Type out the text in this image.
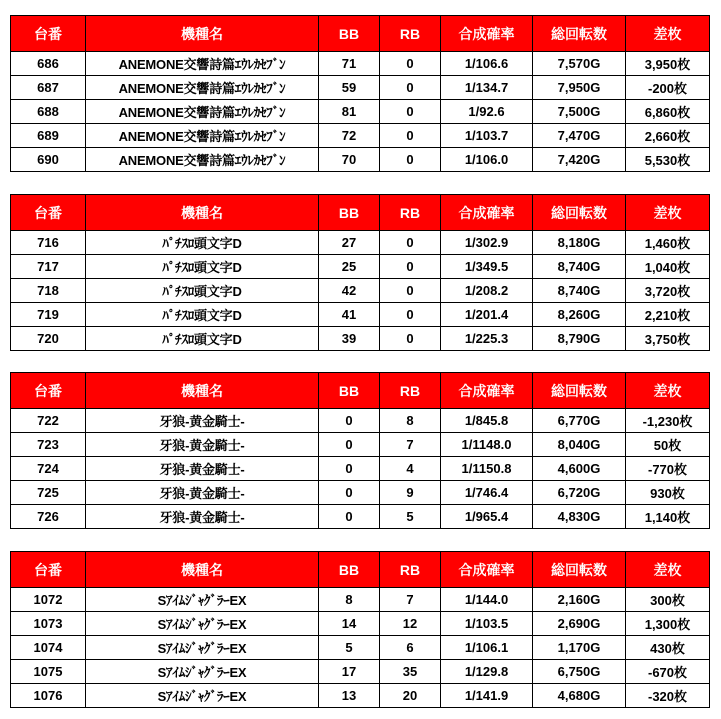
台番	機種名	BB	RB	合成確率	総回転数	差枚
686	ANEMONE交響詩篇ｴｳﾚｶｾﾌﾞﾝ	71	0	1/106.6	7,570G	3,950枚
687	ANEMONE交響詩篇ｴｳﾚｶｾﾌﾞﾝ	59	0	1/134.7	7,950G	-200枚
688	ANEMONE交響詩篇ｴｳﾚｶｾﾌﾞﾝ	81	0	1/92.6	7,500G	6,860枚
689	ANEMONE交響詩篇ｴｳﾚｶｾﾌﾞﾝ	72	0	1/103.7	7,470G	2,660枚
690	ANEMONE交響詩篇ｴｳﾚｶｾﾌﾞﾝ	70	0	1/106.0	7,420G	5,530枚
台番	機種名	BB	RB	合成確率	総回転数	差枚
716	ﾊﾟﾁｽﾛ頭文字D	27	0	1/302.9	8,180G	1,460枚
717	ﾊﾟﾁｽﾛ頭文字D	25	0	1/349.5	8,740G	1,040枚
718	ﾊﾟﾁｽﾛ頭文字D	42	0	1/208.2	8,740G	3,720枚
719	ﾊﾟﾁｽﾛ頭文字D	41	0	1/201.4	8,260G	2,210枚
720	ﾊﾟﾁｽﾛ頭文字D	39	0	1/225.3	8,790G	3,750枚
台番	機種名	BB	RB	合成確率	総回転数	差枚
722	牙狼-黄金騎士-	0	8	1/845.8	6,770G	-1,230枚
723	牙狼-黄金騎士-	0	7	1/1148.0	8,040G	50枚
724	牙狼-黄金騎士-	0	4	1/1150.8	4,600G	-770枚
725	牙狼-黄金騎士-	0	9	1/746.4	6,720G	930枚
726	牙狼-黄金騎士-	0	5	1/965.4	4,830G	1,140枚
台番	機種名	BB	RB	合成確率	総回転数	差枚
1072	SｱｲﾑｼﾞｬｸﾞﾗｰEX	8	7	1/144.0	2,160G	300枚
1073	SｱｲﾑｼﾞｬｸﾞﾗｰEX	14	12	1/103.5	2,690G	1,300枚
1074	SｱｲﾑｼﾞｬｸﾞﾗｰEX	5	6	1/106.1	1,170G	430枚
1075	SｱｲﾑｼﾞｬｸﾞﾗｰEX	17	35	1/129.8	6,750G	-670枚
1076	SｱｲﾑｼﾞｬｸﾞﾗｰEX	13	20	1/141.9	4,680G	-320枚
